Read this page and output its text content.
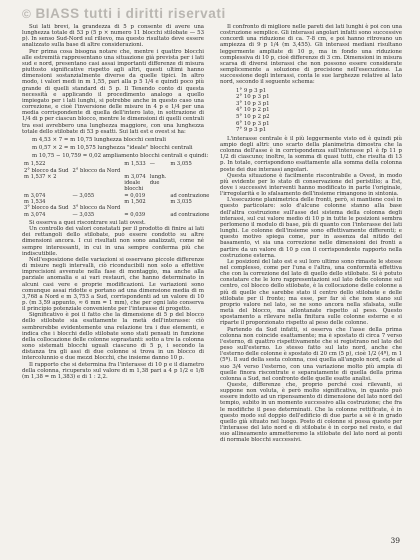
© BIASS tutti i diritti riservati

Sui lati brevi, la grandezza di 5 p consente di avere una lunghezza totale di 53 p (5 p × numero 11 blocchi stilobate — 53 p). In senso Sud-Nord sul rilievo, ma questo risultato deve essere analizzato sulla base di altre considerazioni.

Per prima cosa bisogna notare che, mentre i quattro blocchi alle estremità rappresentano una situazione già prevista per i lati sud e nord, presentano casi assai importanti differenze di misura piuttosto significative rispetto agli altri, questi ultimi hanno dimensioni sostanzialmente diverse da quelle tipici. In altro modo, i valori medi in m 1,55, pari alla p 5 1/4 e quindi poco più grande di quelli standard di 5 p. Il Tenendo conto di questa necessità e applicando il procedimento analogo a quello impiegato per i lati lunghi, si potrebbe anche in questo caso una correzione, e cioè l'inversione delle misure in 4 p e 1/4 per una media corrispondente di quella dell'intero lato, in sottrazione di 1/4 di p per ciascun blocco, mentre le dimensioni di quelli centrali tra essi avrebbero una lunghezza maggiore, con una lunghezza totale dello stilobate di 53 p esatti. Sui lati est e ovest si ha:

m 4,53 × 7 = m 10,75 lunghezza blocchi centrali
m 0,57 × 2 = m 10,575 lunghezza "ideale" blocchi centrali
m 10,75 − 10,759 = 0,02 ampliamento blocchi centrali e quindi:
m 1,522		m 1,533	—	m 3,055	
2° blocco da Sud	2° blocco da Nord				
m 1,537 × 2		m 3,074	lungh.		
		ideale	due		
		blocchi			
m 3,074	— 3,055	= 0,019		ad contrazione	
m 1,534		m 1,502		m 3,035	
3° blocco da Sud	3° blocco da Nord				
m 3,074	— 3,035	= 0,039		ad contrazione	

Si osserva a quei riscontrare sui lati ovest.

Un controllo dei valori constatati per il prodotto di finire ai lati dei rettangoli dello stilobate, può essere condotto su altre dimensioni ancora. I cui risultati non sono analizzati, come né sempre interessanti, in cui in una sempre conferma più che indiscutibile.

Nell'esposizione delle variazioni si osservano piccole differenze di misure negli intervalli, ciò riconducibili non solo a effettive imprecisioni avvenute nella fase di montaggio, ma anche alla parziale anomalia e ai vari restauri, che hanno determinato in alcuni casi vere e proprie modificazioni. Le variazioni sono comunque assai ridotte e portano ad una dimensione media di m 3,768 a Nord e m 3,753 a Sud, corrispondenti ad un valore di 10 p. (m 3,59 appunto, ≈ 6 mm = 1 mm), che per ogni lato conserva il principio potenziale conveniente per l'interasse di progetto.

Significativo è poi il fatto che la dimensione di 5 p del blocco dello stilobate sia esattamente la metà dell'interasse: ciò sembrerebbe evidentemente una relazione tra i due elementi, e indica che i blocchi dello stilobate sono stati pensati in funzione della collocazione delle colonne soprastanti: sotto a tre la colonna sono sistemati blocchi uguali ciascuno di 5 p, i secondo la distanza tra gli assi di due colonne si trova in un blocco di intercolunnio e due mezzi blocchi, che insieme danno 10 p.

Il rapporto che si determina fra l'interasse di 10 p e il diametro della colonna, ricuperato sul valore di m 1,38 pari a 4 p 1/2 e 1/8 (m 1,38 = m 1,383) e di 1 : 2,2.

Il confronto di migliore nelle pareti dei lati lunghi è poi con una costruzione semplice. Gli interassi angolari infatti sono successive concordi una riduzione di ca. 7-8 cm, e poi hanno ritrovano un ampiezza di 9 p 1/4 (m 3,455). Gli interassi mediani risultano leggermente ampliate di 10 p, ma in fondo una riduzione complessiva di 10 p, cioè differenze di 3 cm. Dimensioni in misura scarsa di diversi interassi che non possono essere considerate semplicemente a soluzione di precisione nell'esecuzione. La successione degli interassi, conta le sue larghezze relative al lato nord, secondo il seguente schema:

1° 9 p 3 p1
2° 10 p 3 p1
3° 10 p 3 p1
4° 10 p 2 p1
5° 10 p 2 p2
6° 10 p 3 p1
7° 9 p 3 p1

L'interasse centrale è il più leggermente visto ed è quindi più ampio degli altri: uno scarto della planimetria dimostra che la colonna dell'asse è in corrispondenza sull'interasse p1 è fp 11 p 1/2 di ciascuno; inoltre, la somma di quasi tutti, che risulta di 13 p. In totale, corrispondono esattamente alla somma della colonna poste dei due interassi angolari.

Questa situazione è facilmente riscontrabile a Ovest, in modo più evidente per lo stato di conservazione del peristilio; a Est, dove i successivi interventi hanno modificato in parte l'originale, l'irregolarità e lo sfalsamento dell'insieme rimangono in sintonia.

L'esecuzione planimetrica delle fronti, però, si mantiene così in questo particolare: solo d'alcune colonne stanno alla base dell'altra costruzione sull'asse del sistema della colonna degli interassi, sul cui valore medio di 10 p in tutte le posizioni sembra perlomeno il modulo di base, più di quanto con l'interasse dei lati lunghi. Le colonne dell'insieme sono effettivamente differenti; e questo motivo spiega come, pur in assenza dal nitido del basamento, vi sia una correzione nelle dimensioni dei fronti a partire da un valore di 10 p con il corrispondente rapporto nella costruzione esterna.

Le posizioni del lato est e sul loro ultimo sono rimaste le stesse nel complesso, come per l'una e l'altra, una conformità effettiva che con la correzione del lato di quello dello stilobate. Si è potuto constatare che le loro rappresentazioni sul lato delle colonne sul centro, col blocco dello stilobate, è la collocazione delle colonne a più di quelle che sarebbe stato il centro dello stilobate e delle stilobate per il fronte; ma esse, per far sì che non siano sul proprio valore nel lato, se ne sono ancora nella sfalsata, sulle metà del blocco, ma allontanate rispetto al peso. Questo spostamento a rilevare nella finitura sulle colonne esterne e si riparte il proporzionato rispetto al peso delle colonne.

Partendo da Sud infatti, si osserva che l'asse della prima colonna non coincide esattamente; ma è spostato di circa 7 verso l'esterno, di quattro rispettivamente che si registrano nel lato del peso sull'esterno. Lo stesso fatto sul lato nord, anche che l'esterno delle colonne è spostato di 20 cm (5 p), cioè 1/2 (4ª), m 1 (5ª). Il sud della sesta colonna, così quella all'angolo nord, cade al suo 3/4 verso l'esterno, con una variazione molto più ampia di quelle finora riscontrate e separatamente di quella della prima colonna a Sud, nel confronto delle quelle esatte analisi.

Queste, differenze che, proprio perché così rilevanti, si suppone non voluta, è però molto significativa, in quanto può essere indotto ad un ripensamento di dimensione del lato nord del tempio, subito in un momento successivo alla costruzione; che fra le modifiche il peso determinati. Che la colonne rettificate, è in questo modo sul doppio dell'edificio di due parte a sè è in grado quello già situato nel luogo. Posto di colonne si possa questo per l'interasse del lato nord e di stilobate è in corpo nel resto, e dal suo allineamento ammetteremo la stilobate del lato nord ai ponti di normale blocchi successivi.

39
